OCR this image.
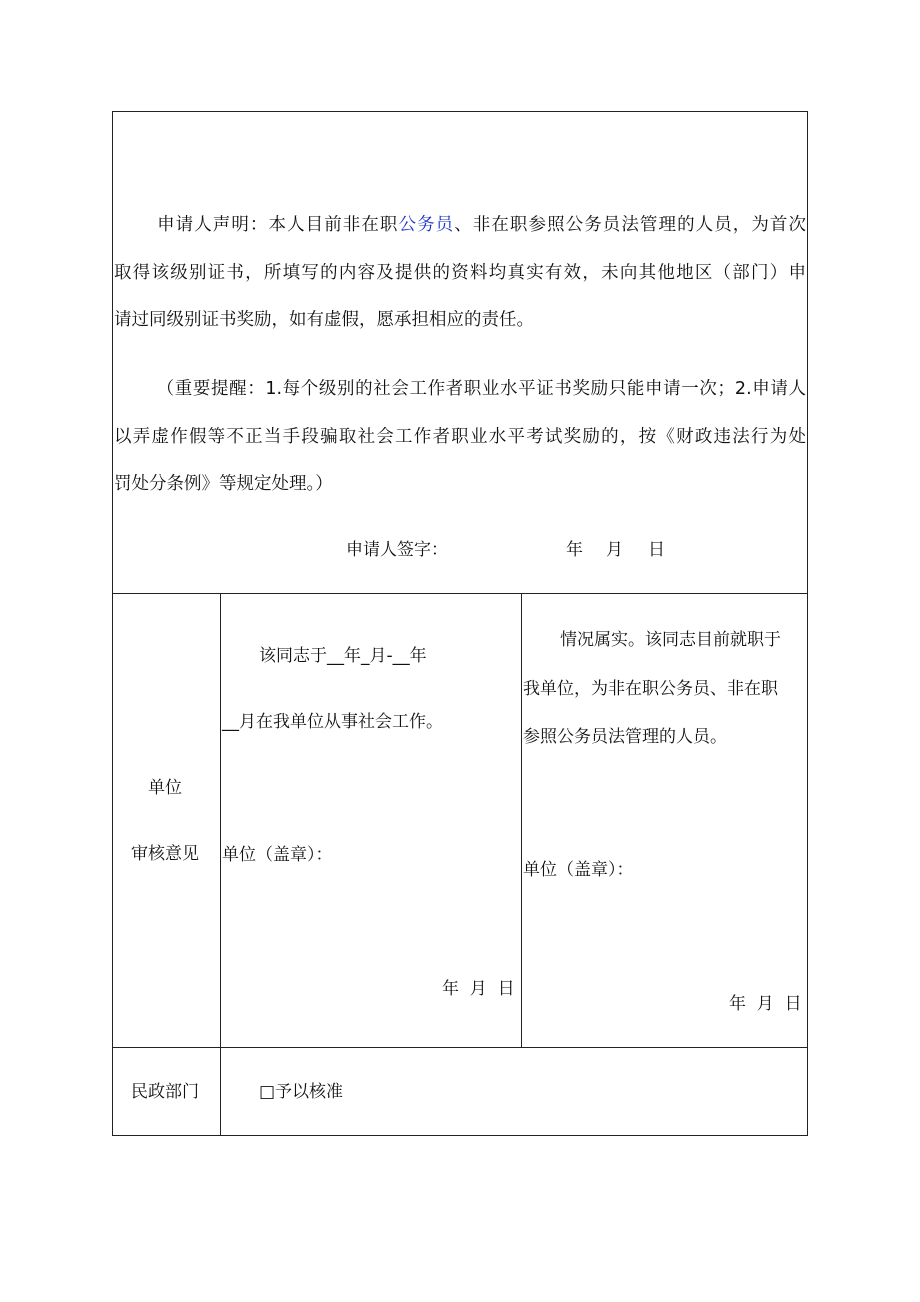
申请人声明：本人目前非在职公务员、非在职参照公务员法管理的人员，为首次

取得该级别证书，所填写的内容及提供的资料均真实有效，未向其他地区（部门）申

请过同级别证书奖励，如有虚假，愿承担相应的责任。

（重要提醒：1.每个级别的社会工作者职业水平证书奖励只能申请一次；2.申请人

以弄虚作假等不正当手段骗取社会工作者职业水平考试奖励的，按《财政违法行为处

罚处分条例》等规定处理。）

申请人签字：	年 月 日
单位
审核意见
该同志于__年_月-__年
__月在我单位从事社会工作。
单位（盖章）：
年  月  日
情况属实。该同志目前就职于
我单位，为非在职公务员、非在职
参照公务员法管理的人员。
单位（盖章）：
年  月  日
民政部门	□予以核准
